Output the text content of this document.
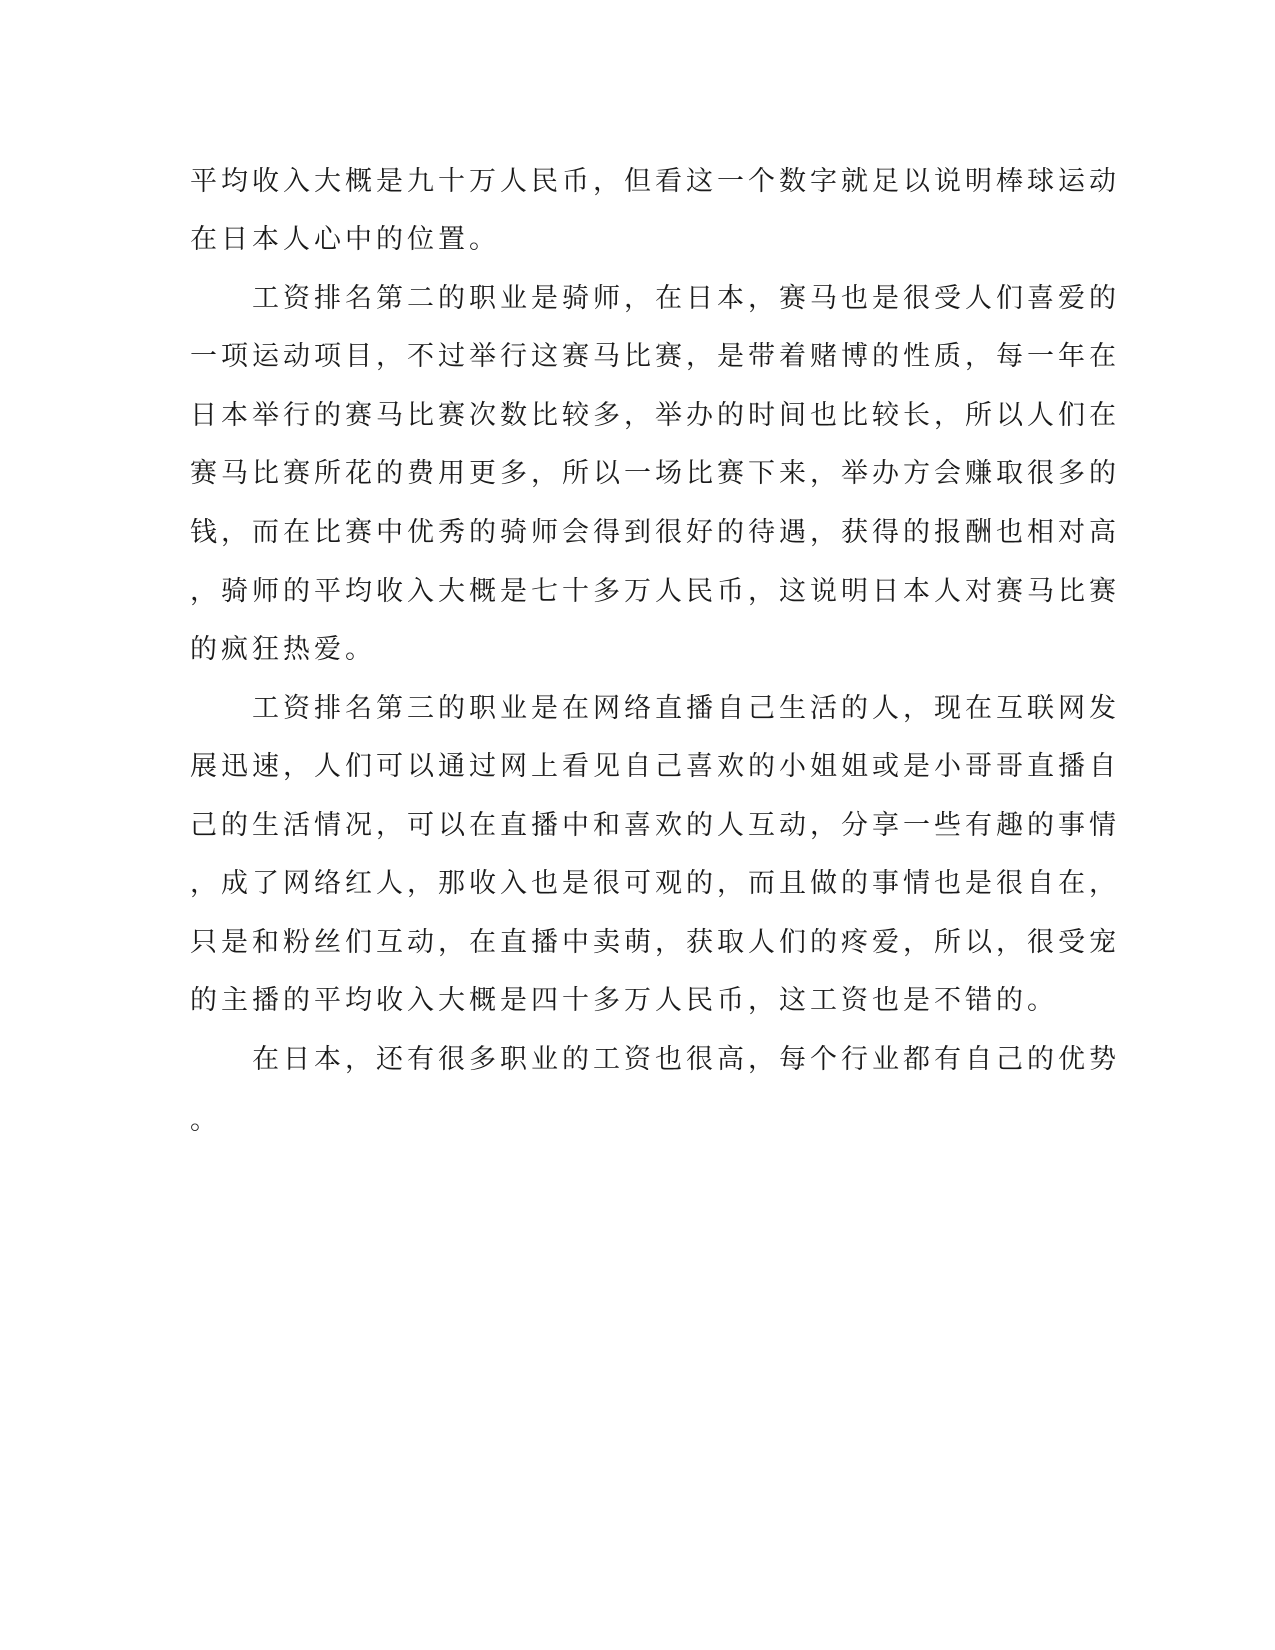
平均收入大概是九十万人民币，但看这一个数字就足以说明棒球运动

在日本人心中的位置。

　　工资排名第二的职业是骑师，在日本，赛马也是很受人们喜爱的

一项运动项目，不过举行这赛马比赛，是带着赌博的性质，每一年在

日本举行的赛马比赛次数比较多，举办的时间也比较长，所以人们在

赛马比赛所花的费用更多，所以一场比赛下来，举办方会赚取很多的

钱，而在比赛中优秀的骑师会得到很好的待遇，获得的报酬也相对高

，骑师的平均收入大概是七十多万人民币，这说明日本人对赛马比赛

的疯狂热爱。

　　工资排名第三的职业是在网络直播自己生活的人，现在互联网发

展迅速，人们可以通过网上看见自己喜欢的小姐姐或是小哥哥直播自

己的生活情况，可以在直播中和喜欢的人互动，分享一些有趣的事情

，成了网络红人，那收入也是很可观的，而且做的事情也是很自在，

只是和粉丝们互动，在直播中卖萌，获取人们的疼爱，所以，很受宠

的主播的平均收入大概是四十多万人民币，这工资也是不错的。

　　在日本，还有很多职业的工资也很高，每个行业都有自己的优势

。
